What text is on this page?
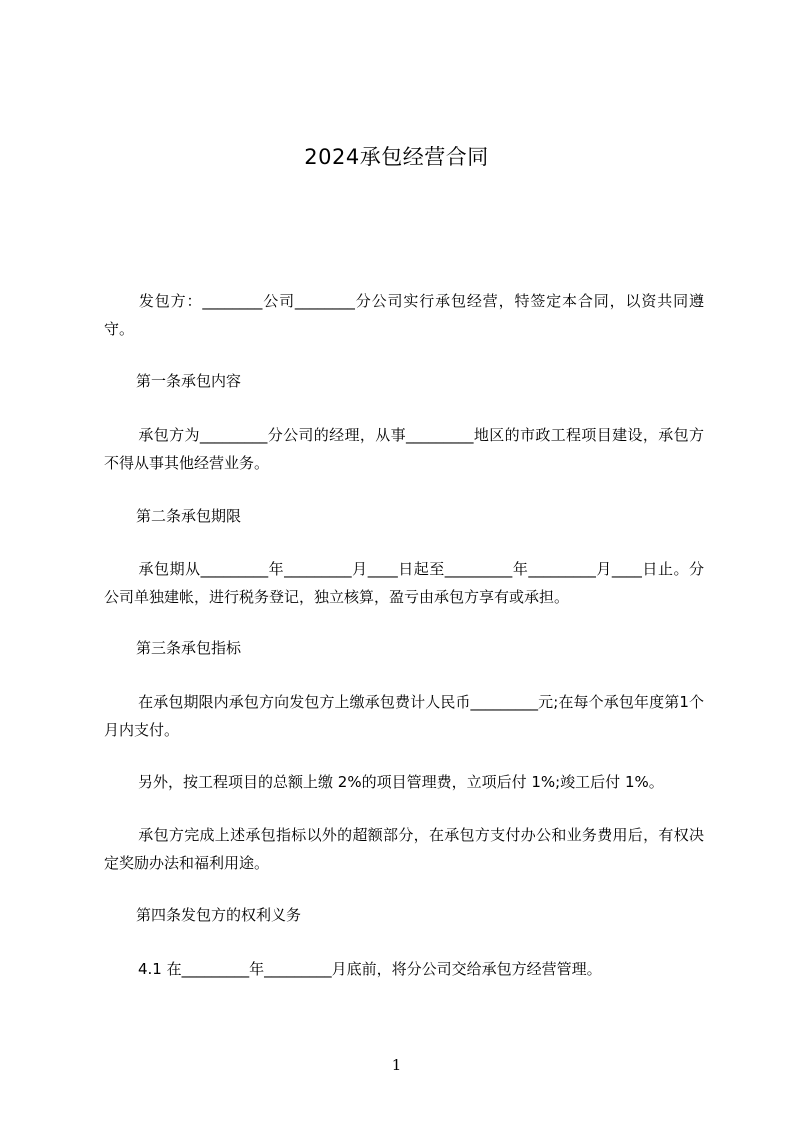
2024承包经营合同
发包方：________公司________分公司实行承包经营，特签定本合同，以资共同遵守。
第一条承包内容
承包方为_________分公司的经理，从事_________地区的市政工程项目建设，承包方不得从事其他经营业务。
第二条承包期限
承包期从_________年_________月____日起至_________年_________月____日止。分公司单独建帐，进行税务登记，独立核算，盈亏由承包方享有或承担。
第三条承包指标
在承包期限内承包方向发包方上缴承包费计人民币_________元;在每个承包年度第1个月内支付。
另外，按工程项目的总额上缴 2%的项目管理费，立项后付 1%;竣工后付 1%。
承包方完成上述承包指标以外的超额部分，在承包方支付办公和业务费用后，有权决定奖励办法和福利用途。
第四条发包方的权利义务
4.1 在_________年_________月底前，将分公司交给承包方经营管理。
1
